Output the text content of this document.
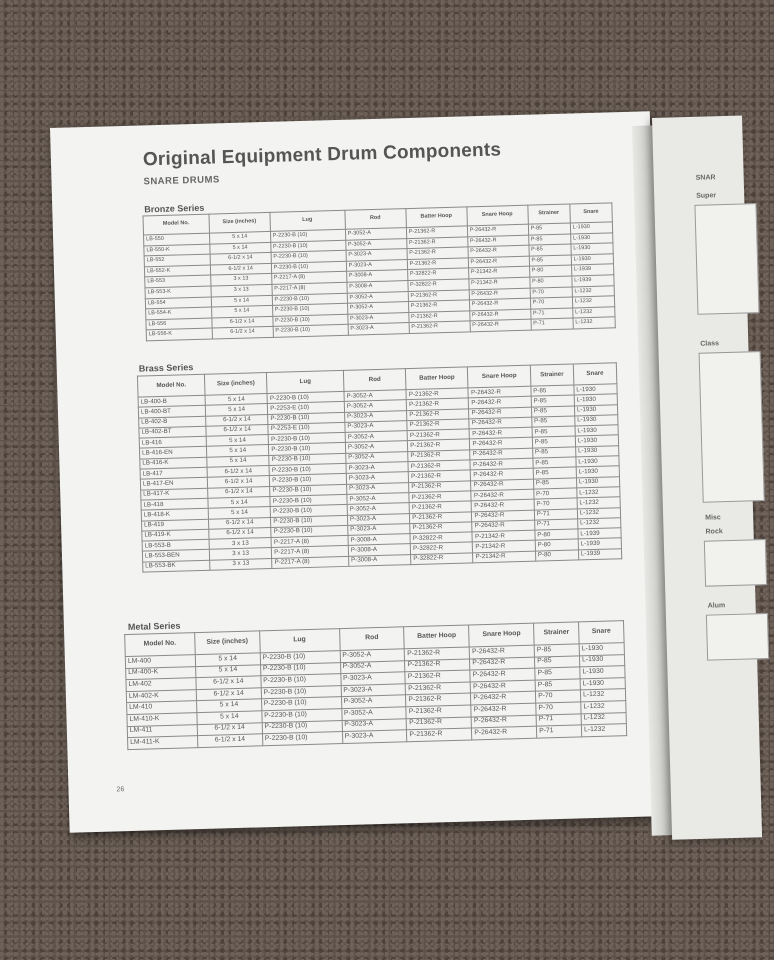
Original Equipment Drum Components
SNARE DRUMS
Bronze Series
Model No.	Size (inches)	Lug	Rod	Batter Hoop	Snare Hoop	Strainer	Snare
LB-550	5 x 14	P-2230-B (10)	P-3052-A	P-21362-R	P-26432-R	P-85	L-1930
LB-550-K	5 x 14	P-2230-B (10)	P-3052-A	P-21362-R	P-26432-R	P-85	L-1930
LB-552	6-1/2 x 14	P-2230-B (10)	P-3023-A	P-21362-R	P-26432-R	P-85	L-1930
LB-552-K	6-1/2 x 14	P-2230-B (10)	P-3023-A	P-21362-R	P-26432-R	P-85	L-1930
LB-553	3 x 13	P-2217-A (8)	P-3008-A	P-32822-R	P-21342-R	P-80	L-1939
LB-553-K	3 x 13	P-2217-A (8)	P-3008-A	P-32822-R	P-21342-R	P-80	L-1939
LB-554	5 x 14	P-2230-B (10)	P-3052-A	P-21362-R	P-26432-R	P-70	L-1232
LB-554-K	5 x 14	P-2230-B (10)	P-3052-A	P-21362-R	P-26432-R	P-70	L-1232
LB-556	6-1/2 x 14	P-2230-B (10)	P-3023-A	P-21362-R	P-26432-R	P-71	L-1232
LB-556-K	6-1/2 x 14	P-2230-B (10)	P-3023-A	P-21362-R	P-26432-R	P-71	L-1232
Brass Series
Model No.	Size (inches)	Lug	Rod	Batter Hoop	Snare Hoop	Strainer	Snare
LB-400-B	5 x 14	P-2230-B (10)	P-3052-A	P-21362-R	P-26432-R	P-85	L-1930
LB-400-BT	5 x 14	P-2253-E (10)	P-3052-A	P-21362-R	P-26432-R	P-85	L-1930
LB-402-B	6-1/2 x 14	P-2230-B (10)	P-3023-A	P-21362-R	P-26432-R	P-85	L-1930
LB-402-BT	6-1/2 x 14	P-2253-E (10)	P-3023-A	P-21362-R	P-26432-R	P-85	L-1930
LB-416	5 x 14	P-2230-B (10)	P-3052-A	P-21362-R	P-26432-R	P-85	L-1930
LB-416-EN	5 x 14	P-2230-B (10)	P-3052-A	P-21362-R	P-26432-R	P-85	L-1930
LB-416-K	5 x 14	P-2230-B (10)	P-3052-A	P-21362-R	P-26432-R	P-85	L-1930
LB-417	6-1/2 x 14	P-2230-B (10)	P-3023-A	P-21362-R	P-26432-R	P-85	L-1930
LB-417-EN	6-1/2 x 14	P-2230-B (10)	P-3023-A	P-21362-R	P-26432-R	P-85	L-1930
LB-417-K	6-1/2 x 14	P-2230-B (10)	P-3023-A	P-21362-R	P-26432-R	P-85	L-1930
LB-418	5 x 14	P-2230-B (10)	P-3052-A	P-21362-R	P-26432-R	P-70	L-1232
LB-418-K	5 x 14	P-2230-B (10)	P-3052-A	P-21362-R	P-26432-R	P-70	L-1232
LB-419	6-1/2 x 14	P-2230-B (10)	P-3023-A	P-21362-R	P-26432-R	P-71	L-1232
LB-419-K	6-1/2 x 14	P-2230-B (10)	P-3023-A	P-21362-R	P-26432-R	P-71	L-1232
LB-553-B	3 x 13	P-2217-A (8)	P-3008-A	P-32822-R	P-21342-R	P-80	L-1939
LB-553-BEN	3 x 13	P-2217-A (8)	P-3008-A	P-32822-R	P-21342-R	P-80	L-1939
LB-553-BK	3 x 13	P-2217-A (8)	P-3008-A	P-32822-R	P-21342-R	P-80	L-1939
Metal Series
Model No.	Size (inches)	Lug	Rod	Batter Hoop	Snare Hoop	Strainer	Snare
LM-400	5 x 14	P-2230-B (10)	P-3052-A	P-21362-R	P-26432-R	P-85	L-1930
LM-400-K	5 x 14	P-2230-B (10)	P-3052-A	P-21362-R	P-26432-R	P-85	L-1930
LM-402	6-1/2 x 14	P-2230-B (10)	P-3023-A	P-21362-R	P-26432-R	P-85	L-1930
LM-402-K	6-1/2 x 14	P-2230-B (10)	P-3023-A	P-21362-R	P-26432-R	P-85	L-1930
LM-410	5 x 14	P-2230-B (10)	P-3052-A	P-21362-R	P-26432-R	P-70	L-1232
LM-410-K	5 x 14	P-2230-B (10)	P-3052-A	P-21362-R	P-26432-R	P-70	L-1232
LM-411	6-1/2 x 14	P-2230-B (10)	P-3023-A	P-21362-R	P-26432-R	P-71	L-1232
LM-411-K	6-1/2 x 14	P-2230-B (10)	P-3023-A	P-21362-R	P-26432-R	P-71	L-1232
26
SNAR
Super
Class
Misc
Rock
Alum
